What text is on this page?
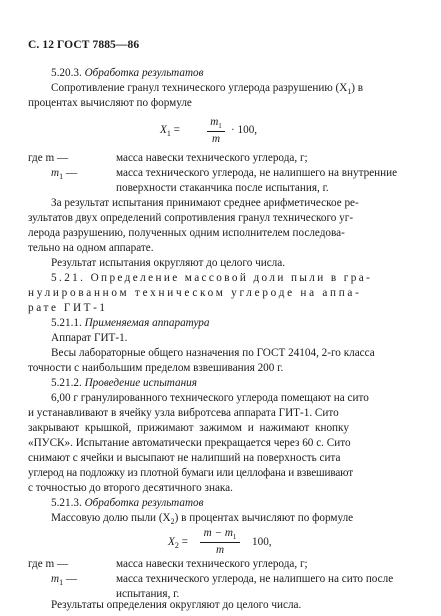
С. 12 ГОСТ 7885—86
5.20.3. Обработка результатов
Сопротивление гранул технического углерода разрушению $(X_1)$ в
процентах вычисляют по формуле
$X_1$ =
$m_1$
m
· 100,
где m —	масса навески технического углерода, г;
$m_1$ —	масса технического углерода, не налипшего на внутренние
поверхности стаканчика после испытания, г.
За результат испытания принимают среднее арифметическое ре-
зультатов двух определений сопротивления гранул технического уг-
лерода разрушению, полученных одним исполнителем последова-
тельно на одном аппарате.
Результат испытания округляют до целого числа.
5.21. Определение массовой доли пыли в гра-
нулированном техническом углероде на аппа-
рате ГИТ-1
5.21.1. Применяемая аппаратура
Аппарат ГИТ-1.
Весы лабораторные общего назначения по ГОСТ 24104, 2-го класса
точности с наибольшим пределом взвешивания 200 г.
5.21.2. Проведение испытания
6,00 г гранулированного технического углерода помещают на сито
и устанавливают в ячейку узла вибротсева аппарата ГИТ-1. Сито
закрывают крышкой, прижимают зажимом и нажимают кнопку
«ПУСК». Испытание автоматически прекращается через 60 с. Сито
снимают с ячейки и высыпают не налипший на поверхность сита
углерод на подложку из плотной бумаги или целлофана и взвешивают
с точностью до второго десятичного знака.
5.21.3. Обработка результатов
Массовую долю пыли $(X_2)$ в процентах вычисляют по формуле
$X_2$ =
$m - m_1$
m
100,
где m —	масса навески технического углерода, г;
$m_1$ —	масса технического углерода, не налипшего на сито после
испытания, г.
Результаты определения округляют до целого числа.
